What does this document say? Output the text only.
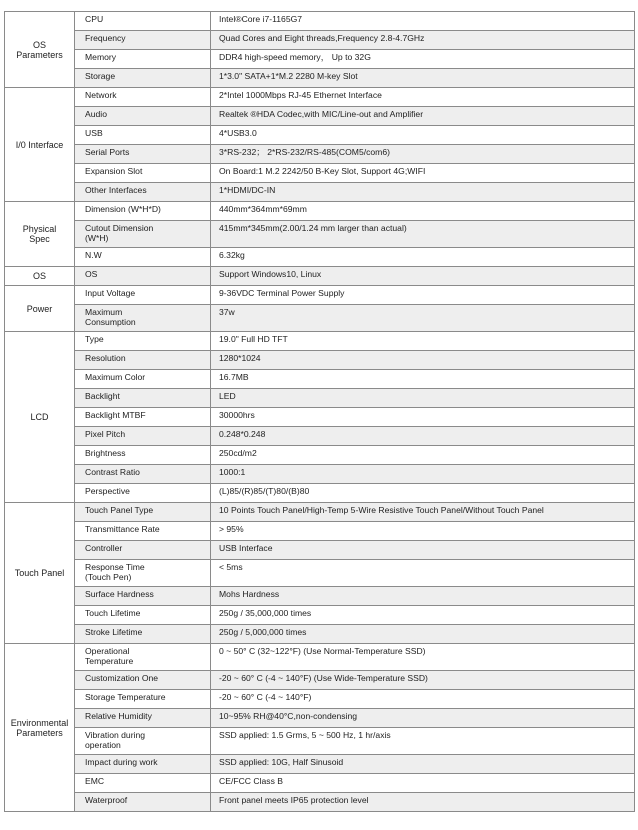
OS
Parameters	CPU	Intel®Core i7-1165G7

	Frequency	Quad Cores and Eight threads,Frequency 2.8-4.7GHz

	Memory	DDR4 high-speed memory， Up to 32G

	Storage	1*3.0" SATA+1*M.2 2280 M-key Slot

I/0 Interface	Network	2*Intel 1000Mbps RJ-45 Ethernet Interface

	Audio	Realtek ®HDA Codec,with MIC/Line-out and Amplifier

	USB	4*USB3.0

	Serial Ports	3*RS-232； 2*RS-232/RS-485(COM5/com6)

	Expansion Slot	On Board:1 M.2 2242/50 B-Key Slot, Support 4G;WIFI

	Other Interfaces	1*HDMI/DC-IN

Physical
Spec	Dimension (W*H*D)	440mm*364mm*69mm

	Cutout Dimension
(W*H)	415mm*345mm(2.00/1.24 mm larger than actual)

	N.W	6.32kg

OS	OS	Support Windows10, Linux

Power	Input Voltage	9-36VDC Terminal Power Supply

	Maximum
Consumption	37w

LCD	Type	19.0" Full HD TFT

	Resolution	1280*1024

	Maximum Color	16.7MB

	Backlight	LED

	Backlight MTBF	30000hrs

	Pixel Pitch	0.248*0.248

	Brightness	250cd/m2

	Contrast Ratio	1000:1

	Perspective	(L)85/(R)85/(T)80/(B)80

Touch Panel	Touch Panel Type	10 Points Touch Panel/High-Temp 5-Wire Resistive Touch Panel/Without Touch Panel

	Transmittance Rate	> 95%

	Controller	USB Interface

	Response Time
(Touch Pen)	< 5ms

	Surface Hardness	Mohs Hardness

	Touch Lifetime	250g / 35,000,000 times

	Stroke Lifetime	250g / 5,000,000 times

Environmental
Parameters	Operational
Temperature	0 ~ 50° C (32~122°F) (Use Normal-Temperature SSD)

	Customization One	-20 ~ 60° C (-4 ~ 140°F) (Use Wide-Temperature SSD)

	Storage Temperature	-20 ~ 60° C (-4 ~ 140°F)

	Relative Humidity	10~95% RH@40°C,non-condensing

	Vibration during
operation	SSD applied: 1.5 Grms, 5 ~ 500 Hz, 1 hr/axis

	Impact during work	SSD applied: 10G, Half Sinusoid

	EMC	CE/FCC Class B

	Waterproof	Front panel meets IP65 protection level
